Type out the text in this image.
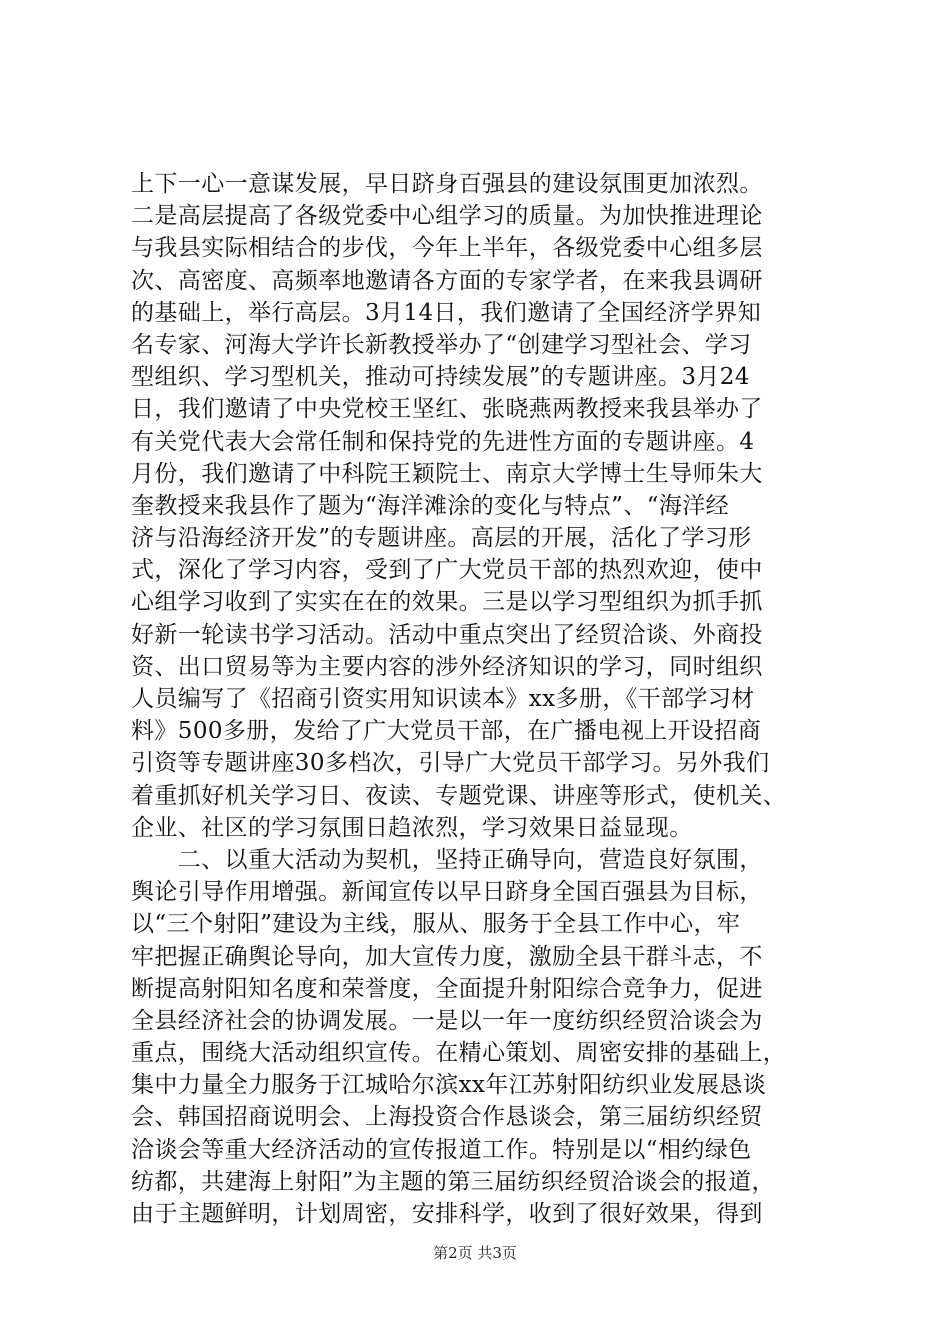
上下一心一意谋发展，早日跻身百强县的建设氛围更加浓烈。
二是高层提高了各级党委中心组学习的质量。为加快推进理论
与我县实际相结合的步伐，今年上半年，各级党委中心组多层
次、高密度、高频率地邀请各方面的专家学者，在来我县调研
的基础上，举行高层。3月14日，我们邀请了全国经济学界知
名专家、河海大学许长新教授举办了“创建学习型社会、学习
型组织、学习型机关，推动可持续发展”的专题讲座。3月24
日，我们邀请了中央党校王坚红、张晓燕两教授来我县举办了
有关党代表大会常任制和保持党的先进性方面的专题讲座。4
月份，我们邀请了中科院王颖院士、南京大学博士生导师朱大
奎教授来我县作了题为“海洋滩涂的变化与特点”、“海洋经
济与沿海经济开发”的专题讲座。高层的开展，活化了学习形
式，深化了学习内容，受到了广大党员干部的热烈欢迎，使中
心组学习收到了实实在在的效果。三是以学习型组织为抓手抓
好新一轮读书学习活动。活动中重点突出了经贸洽谈、外商投
资、出口贸易等为主要内容的涉外经济知识的学习，同时组织
人员编写了《招商引资实用知识读本》xx多册，《干部学习材
料》500多册，发给了广大党员干部，在广播电视上开设招商
引资等专题讲座30多档次，引导广大党员干部学习。另外我们
着重抓好机关学习日、夜读、专题党课、讲座等形式，使机关、
企业、社区的学习氛围日趋浓烈，学习效果日益显现。
　　二、以重大活动为契机，坚持正确导向，营造良好氛围，
舆论引导作用增强。新闻宣传以早日跻身全国百强县为目标，
以“三个射阳”建设为主线，服从、服务于全县工作中心，牢
牢把握正确舆论导向，加大宣传力度，激励全县干群斗志，不
断提高射阳知名度和荣誉度，全面提升射阳综合竞争力，促进
全县经济社会的协调发展。一是以一年一度纺织经贸洽谈会为
重点，围绕大活动组织宣传。在精心策划、周密安排的基础上，
集中力量全力服务于江城哈尔滨xx年江苏射阳纺织业发展恳谈
会、韩国招商说明会、上海投资合作恳谈会，第三届纺织经贸
洽谈会等重大经济活动的宣传报道工作。特别是以“相约绿色
纺都，共建海上射阳”为主题的第三届纺织经贸洽谈会的报道，
由于主题鲜明，计划周密，安排科学，收到了很好效果，得到
第2页 共3页
